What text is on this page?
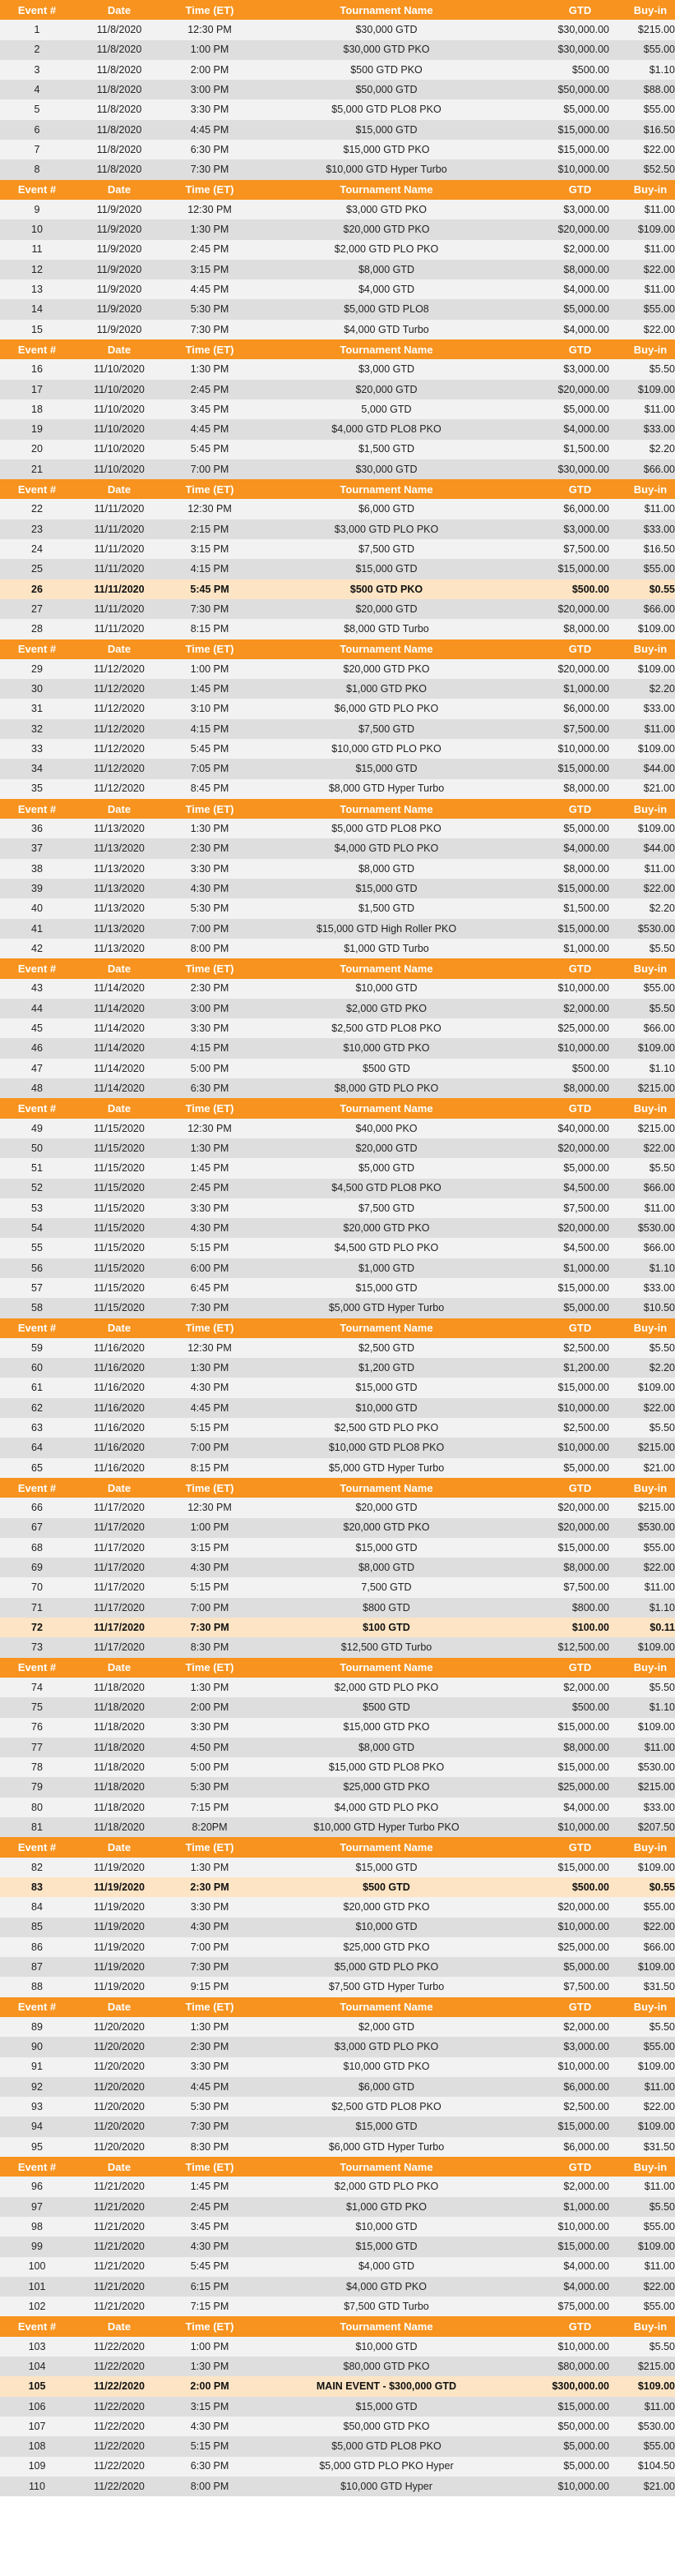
Event #	Date	Time (ET)	Tournament Name	GTD	Buy-in
1	11/8/2020	12:30 PM	$30,000 GTD	$30,000.00	$215.00
2	11/8/2020	1:00 PM	$30,000 GTD PKO	$30,000.00	$55.00
3	11/8/2020	2:00 PM	$500 GTD PKO	$500.00	$1.10
4	11/8/2020	3:00 PM	$50,000 GTD	$50,000.00	$88.00
5	11/8/2020	3:30 PM	$5,000 GTD PLO8 PKO	$5,000.00	$55.00
6	11/8/2020	4:45 PM	$15,000 GTD	$15,000.00	$16.50
7	11/8/2020	6:30 PM	$15,000 GTD PKO	$15,000.00	$22.00
8	11/8/2020	7:30 PM	$10,000 GTD Hyper Turbo	$10,000.00	$52.50
Event #	Date	Time (ET)	Tournament Name	GTD	Buy-in
9	11/9/2020	12:30 PM	$3,000 GTD PKO	$3,000.00	$11.00
10	11/9/2020	1:30 PM	$20,000 GTD PKO	$20,000.00	$109.00
11	11/9/2020	2:45 PM	$2,000 GTD PLO PKO	$2,000.00	$11.00
12	11/9/2020	3:15 PM	$8,000 GTD	$8,000.00	$22.00
13	11/9/2020	4:45 PM	$4,000 GTD	$4,000.00	$11.00
14	11/9/2020	5:30 PM	$5,000 GTD PLO8	$5,000.00	$55.00
15	11/9/2020	7:30 PM	$4,000 GTD Turbo	$4,000.00	$22.00
Event #	Date	Time (ET)	Tournament Name	GTD	Buy-in
16	11/10/2020	1:30 PM	$3,000 GTD	$3,000.00	$5.50
17	11/10/2020	2:45 PM	$20,000 GTD	$20,000.00	$109.00
18	11/10/2020	3:45 PM	5,000 GTD	$5,000.00	$11.00
19	11/10/2020	4:45 PM	$4,000 GTD PLO8 PKO	$4,000.00	$33.00
20	11/10/2020	5:45 PM	$1,500 GTD	$1,500.00	$2.20
21	11/10/2020	7:00 PM	$30,000 GTD	$30,000.00	$66.00
Event #	Date	Time (ET)	Tournament Name	GTD	Buy-in
22	11/11/2020	12:30 PM	$6,000 GTD	$6,000.00	$11.00
23	11/11/2020	2:15 PM	$3,000 GTD PLO PKO	$3,000.00	$33.00
24	11/11/2020	3:15 PM	$7,500 GTD	$7,500.00	$16.50
25	11/11/2020	4:15 PM	$15,000 GTD	$15,000.00	$55.00
26	11/11/2020	5:45 PM	$500 GTD PKO	$500.00	$0.55
27	11/11/2020	7:30 PM	$20,000 GTD	$20,000.00	$66.00
28	11/11/2020	8:15 PM	$8,000 GTD Turbo	$8,000.00	$109.00
Event #	Date	Time (ET)	Tournament Name	GTD	Buy-in
29	11/12/2020	1:00 PM	$20,000 GTD PKO	$20,000.00	$109.00
30	11/12/2020	1:45 PM	$1,000 GTD PKO	$1,000.00	$2.20
31	11/12/2020	3:10 PM	$6,000 GTD PLO PKO	$6,000.00	$33.00
32	11/12/2020	4:15 PM	$7,500 GTD	$7,500.00	$11.00
33	11/12/2020	5:45 PM	$10,000 GTD PLO PKO	$10,000.00	$109.00
34	11/12/2020	7:05 PM	$15,000 GTD	$15,000.00	$44.00
35	11/12/2020	8:45 PM	$8,000 GTD Hyper Turbo	$8,000.00	$21.00
Event #	Date	Time (ET)	Tournament Name	GTD	Buy-in
36	11/13/2020	1:30 PM	$5,000 GTD PLO8 PKO	$5,000.00	$109.00
37	11/13/2020	2:30 PM	$4,000 GTD PLO PKO	$4,000.00	$44.00
38	11/13/2020	3:30 PM	$8,000 GTD	$8,000.00	$11.00
39	11/13/2020	4:30 PM	$15,000 GTD	$15,000.00	$22.00
40	11/13/2020	5:30 PM	$1,500 GTD	$1,500.00	$2.20
41	11/13/2020	7:00 PM	$15,000 GTD High Roller PKO	$15,000.00	$530.00
42	11/13/2020	8:00 PM	$1,000 GTD Turbo	$1,000.00	$5.50
Event #	Date	Time (ET)	Tournament Name	GTD	Buy-in
43	11/14/2020	2:30 PM	$10,000 GTD	$10,000.00	$55.00
44	11/14/2020	3:00 PM	$2,000 GTD PKO	$2,000.00	$5.50
45	11/14/2020	3:30 PM	$2,500 GTD PLO8 PKO	$25,000.00	$66.00
46	11/14/2020	4:15 PM	$10,000 GTD PKO	$10,000.00	$109.00
47	11/14/2020	5:00 PM	$500 GTD	$500.00	$1.10
48	11/14/2020	6:30 PM	$8,000 GTD PLO PKO	$8,000.00	$215.00
Event #	Date	Time (ET)	Tournament Name	GTD	Buy-in
49	11/15/2020	12:30 PM	$40,000 PKO	$40,000.00	$215.00
50	11/15/2020	1:30 PM	$20,000 GTD	$20,000.00	$22.00
51	11/15/2020	1:45 PM	$5,000 GTD	$5,000.00	$5.50
52	11/15/2020	2:45 PM	$4,500 GTD PLO8 PKO	$4,500.00	$66.00
53	11/15/2020	3:30 PM	$7,500 GTD	$7,500.00	$11.00
54	11/15/2020	4:30 PM	$20,000 GTD PKO	$20,000.00	$530.00
55	11/15/2020	5:15 PM	$4,500 GTD PLO PKO	$4,500.00	$66.00
56	11/15/2020	6:00 PM	$1,000 GTD	$1,000.00	$1.10
57	11/15/2020	6:45 PM	$15,000 GTD	$15,000.00	$33.00
58	11/15/2020	7:30 PM	$5,000 GTD Hyper Turbo	$5,000.00	$10.50
Event #	Date	Time (ET)	Tournament Name	GTD	Buy-in
59	11/16/2020	12:30 PM	$2,500 GTD	$2,500.00	$5.50
60	11/16/2020	1:30 PM	$1,200 GTD	$1,200.00	$2.20
61	11/16/2020	4:30 PM	$15,000 GTD	$15,000.00	$109.00
62	11/16/2020	4:45 PM	$10,000 GTD	$10,000.00	$22.00
63	11/16/2020	5:15 PM	$2,500 GTD PLO PKO	$2,500.00	$5.50
64	11/16/2020	7:00 PM	$10,000 GTD PLO8 PKO	$10,000.00	$215.00
65	11/16/2020	8:15 PM	$5,000 GTD Hyper Turbo	$5,000.00	$21.00
Event #	Date	Time (ET)	Tournament Name	GTD	Buy-in
66	11/17/2020	12:30 PM	$20,000 GTD	$20,000.00	$215.00
67	11/17/2020	1:00 PM	$20,000 GTD PKO	$20,000.00	$530.00
68	11/17/2020	3:15 PM	$15,000 GTD	$15,000.00	$55.00
69	11/17/2020	4:30 PM	$8,000 GTD	$8,000.00	$22.00
70	11/17/2020	5:15 PM	7,500 GTD	$7,500.00	$11.00
71	11/17/2020	7:00 PM	$800 GTD	$800.00	$1.10
72	11/17/2020	7:30 PM	$100 GTD	$100.00	$0.11
73	11/17/2020	8:30 PM	$12,500 GTD Turbo	$12,500.00	$109.00
Event #	Date	Time (ET)	Tournament Name	GTD	Buy-in
74	11/18/2020	1:30 PM	$2,000 GTD PLO PKO	$2,000.00	$5.50
75	11/18/2020	2:00 PM	$500 GTD	$500.00	$1.10
76	11/18/2020	3:30 PM	$15,000 GTD PKO	$15,000.00	$109.00
77	11/18/2020	4:50 PM	$8,000 GTD	$8,000.00	$11.00
78	11/18/2020	5:00 PM	$15,000 GTD PLO8 PKO	$15,000.00	$530.00
79	11/18/2020	5:30 PM	$25,000 GTD PKO	$25,000.00	$215.00
80	11/18/2020	7:15 PM	$4,000 GTD PLO PKO	$4,000.00	$33.00
81	11/18/2020	8:20PM	$10,000 GTD Hyper Turbo PKO	$10,000.00	$207.50
Event #	Date	Time (ET)	Tournament Name	GTD	Buy-in
82	11/19/2020	1:30 PM	$15,000 GTD	$15,000.00	$109.00
83	11/19/2020	2:30 PM	$500 GTD	$500.00	$0.55
84	11/19/2020	3:30 PM	$20,000 GTD PKO	$20,000.00	$55.00
85	11/19/2020	4:30 PM	$10,000 GTD	$10,000.00	$22.00
86	11/19/2020	7:00 PM	$25,000 GTD PKO	$25,000.00	$66.00
87	11/19/2020	7:30 PM	$5,000 GTD PLO PKO	$5,000.00	$109.00
88	11/19/2020	9:15 PM	$7,500 GTD Hyper Turbo	$7,500.00	$31.50
Event #	Date	Time (ET)	Tournament Name	GTD	Buy-in
89	11/20/2020	1:30 PM	$2,000 GTD	$2,000.00	$5.50
90	11/20/2020	2:30 PM	$3,000 GTD PLO PKO	$3,000.00	$55.00
91	11/20/2020	3:30 PM	$10,000 GTD PKO	$10,000.00	$109.00
92	11/20/2020	4:45 PM	$6,000 GTD	$6,000.00	$11.00
93	11/20/2020	5:30 PM	$2,500 GTD PLO8 PKO	$2,500.00	$22.00
94	11/20/2020	7:30 PM	$15,000 GTD	$15,000.00	$109.00
95	11/20/2020	8:30 PM	$6,000 GTD Hyper Turbo	$6,000.00	$31.50
Event #	Date	Time (ET)	Tournament Name	GTD	Buy-in
96	11/21/2020	1:45 PM	$2,000 GTD PLO PKO	$2,000.00	$11.00
97	11/21/2020	2:45 PM	$1,000 GTD PKO	$1,000.00	$5.50
98	11/21/2020	3:45 PM	$10,000 GTD	$10,000.00	$55.00
99	11/21/2020	4:30 PM	$15,000 GTD	$15,000.00	$109.00
100	11/21/2020	5:45 PM	$4,000 GTD	$4,000.00	$11.00
101	11/21/2020	6:15 PM	$4,000 GTD PKO	$4,000.00	$22.00
102	11/21/2020	7:15 PM	$7,500 GTD Turbo	$75,000.00	$55.00
Event #	Date	Time (ET)	Tournament Name	GTD	Buy-in
103	11/22/2020	1:00 PM	$10,000 GTD	$10,000.00	$5.50
104	11/22/2020	1:30 PM	$80,000 GTD PKO	$80,000.00	$215.00
105	11/22/2020	2:00 PM	MAIN EVENT - $300,000 GTD	$300,000.00	$109.00
106	11/22/2020	3:15 PM	$15,000 GTD	$15,000.00	$11.00
107	11/22/2020	4:30 PM	$50,000 GTD PKO	$50,000.00	$530.00
108	11/22/2020	5:15 PM	$5,000 GTD PLO8 PKO	$5,000.00	$55.00
109	11/22/2020	6:30 PM	$5,000 GTD PLO PKO Hyper	$5,000.00	$104.50
110	11/22/2020	8:00 PM	$10,000 GTD Hyper	$10,000.00	$21.00
